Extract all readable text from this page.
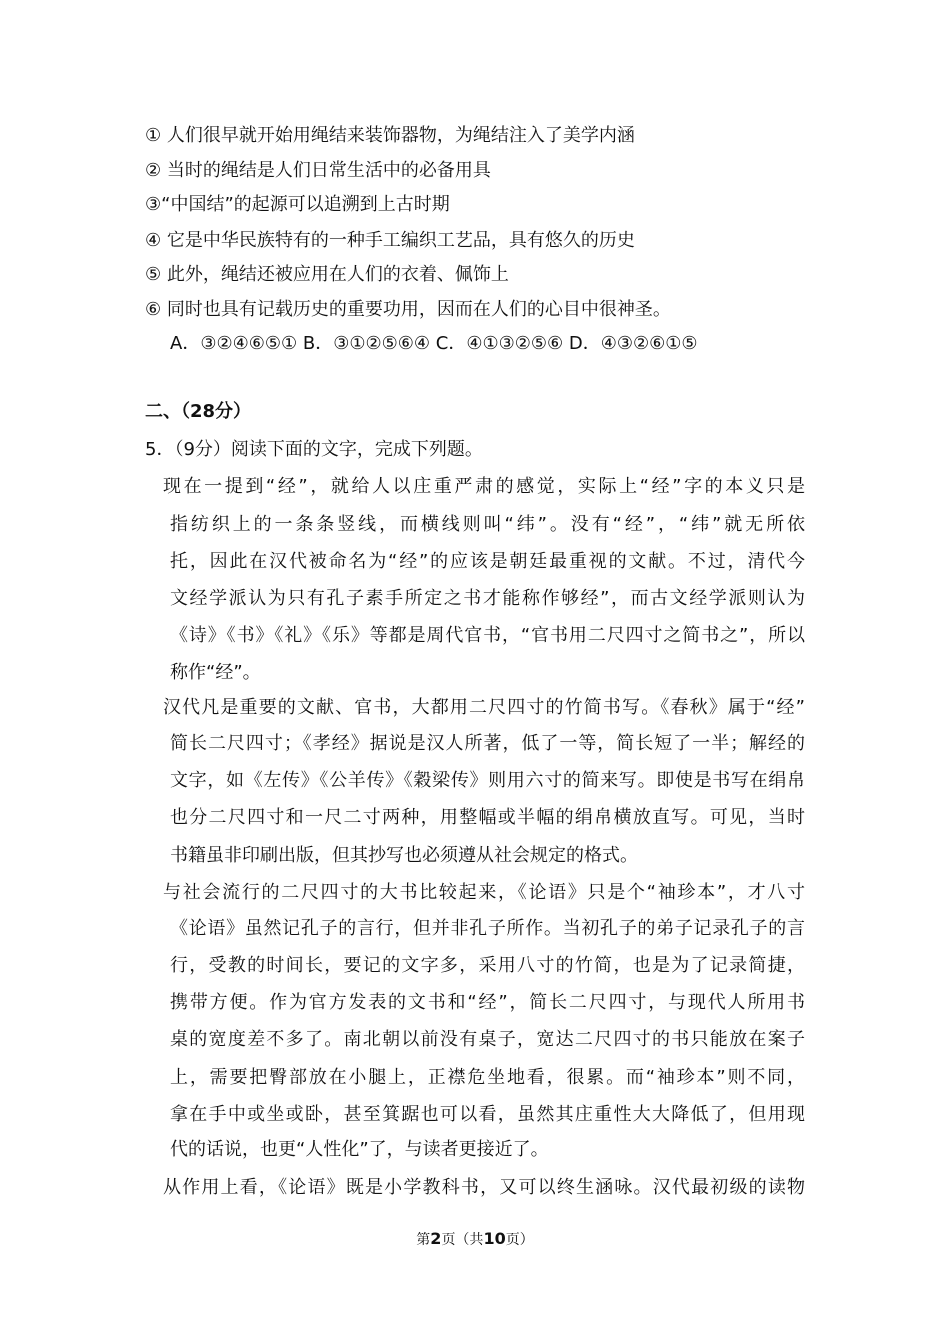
① 人们很早就开始用绳结来装饰器物，为绳结注入了美学内涵
② 当时的绳结是人们日常生活中的必备用具
③“中国结”的起源可以追溯到上古时期
④ 它是中华民族特有的一种手工编织工艺品，具有悠久的历史
⑤ 此外，绳结还被应用在人们的衣着、佩饰上
⑥ 同时也具有记载历史的重要功用，因而在人们的心目中很神圣。
A．③②④⑥⑤① B．③①②⑤⑥④ C．④①③②⑤⑥ D．④③②⑥①⑤
二、（28分）
5．（9分）阅读下面的文字，完成下列题。
现在一提到“经”，就给人以庄重严肃的感觉，实际上“经”字的本义只是
指纺织上的一条条竖线，而横线则叫“纬”。没有“经”，“纬”就无所依
托，因此在汉代被命名为“经”的应该是朝廷最重视的文献。不过，清代今
文经学派认为只有孔子素手所定之书才能称作够经”，而古文经学派则认为
《诗》《书》《礼》《乐》等都是周代官书，“官书用二尺四寸之简书之”，所以
称作“经”。
汉代凡是重要的文献、官书，大都用二尺四寸的竹简书写。《春秋》属于“经”
简长二尺四寸；《孝经》据说是汉人所著，低了一等，简长短了一半；解经的
文字，如《左传》《公羊传》《穀梁传》则用六寸的简来写。即使是书写在绢帛
也分二尺四寸和一尺二寸两种，用整幅或半幅的绢帛横放直写。可见，当时
书籍虽非印刷出版，但其抄写也必须遵从社会规定的格式。
与社会流行的二尺四寸的大书比较起来，《论语》只是个“袖珍本”，才八寸
《论语》虽然记孔子的言行，但并非孔子所作。当初孔子的弟子记录孔子的言
行，受教的时间长，要记的文字多，采用八寸的竹简，也是为了记录简捷，
携带方便。作为官方发表的文书和“经”，简长二尺四寸，与现代人所用书
桌的宽度差不多了。南北朝以前没有桌子，宽达二尺四寸的书只能放在案子
上，需要把臀部放在小腿上，正襟危坐地看，很累。而“袖珍本”则不同，
拿在手中或坐或卧，甚至箕踞也可以看，虽然其庄重性大大降低了，但用现
代的话说，也更“人性化”了，与读者更接近了。
从作用上看，《论语》既是小学教科书，又可以终生涵咏。汉代最初级的读物
第2页（共10页）
